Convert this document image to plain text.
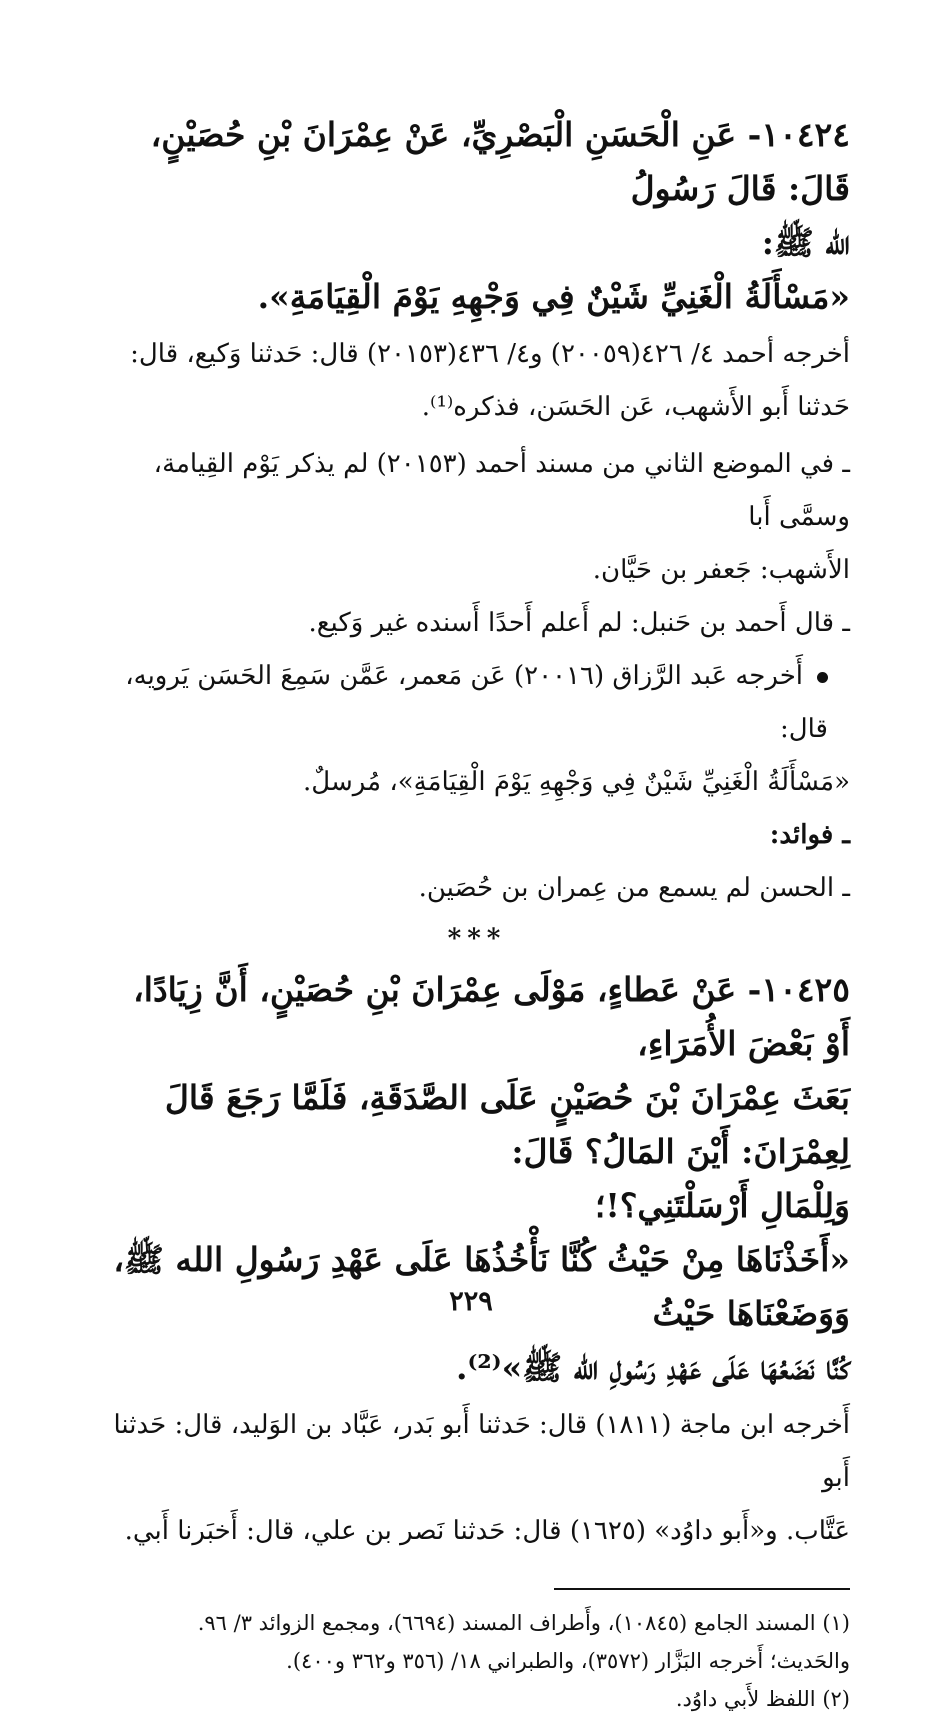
١٠٤٢٤- عَنِ الْحَسَنِ الْبَصْرِيِّ، عَنْ عِمْرَانَ بْنِ حُصَيْنٍ، قَالَ: قَالَ رَسُولُ
الله ﷺ:

«مَسْأَلَةُ الْغَنِيِّ شَيْنٌ فِي وَجْهِهِ يَوْمَ الْقِيَامَةِ».

أخرجه أحمد ٤/ ٤٢٦(٢٠٠٥٩) و٤/ ٤٣٦(٢٠١٥٣) قال: حَدثنا وَكيع، قال:
حَدثنا أَبو الأَشهب، عَن الحَسَن، فذكره⁽¹⁾.

ـ في الموضع الثاني من مسند أحمد (٢٠١٥٣) لم يذكر يَوْم القِيامة، وسمَّى أَبا
الأَشهب: جَعفر بن حَيَّان.

ـ قال أَحمد بن حَنبل: لم أَعلم أَحدًا أَسنده غير وَكيع.

أَخرجه عَبد الرَّزاق (٢٠٠١٦) عَن مَعمر، عَمَّن سَمِعَ الحَسَن يَرويه، قال:
«مَسْأَلَةُ الْغَنِيِّ شَيْنٌ فِي وَجْهِهِ يَوْمَ الْقِيَامَةِ»، مُرسلٌ.

ـ فوائد:

ـ الحسن لم يسمع من عِمران بن حُصَين.

***

١٠٤٢٥- عَنْ عَطاءٍ، مَوْلَى عِمْرَانَ بْنِ حُصَيْنٍ، أَنَّ زِيَادًا، أَوْ بَعْضَ الأُمَرَاءِ،
بَعَثَ عِمْرَانَ بْنَ حُصَيْنٍ عَلَى الصَّدَقَةِ، فَلَمَّا رَجَعَ قَالَ لِعِمْرَانَ: أَيْنَ المَالُ؟ قَالَ:
وَلِلْمَالِ أَرْسَلْتَنِي؟!؛

«أَخَذْنَاهَا مِنْ حَيْثُ كُنَّا نَأْخُذُهَا عَلَى عَهْدِ رَسُولِ الله ﷺ، وَوَضَعْنَاهَا حَيْثُ
كُنَّا نَضَعُهَا عَلَى عَهْدِ رَسُولِ الله ﷺ»⁽²⁾.

أَخرجه ابن ماجة (١٨١١) قال: حَدثنا أَبو بَدر، عَبَّاد بن الوَليد، قال: حَدثنا أَبو
عَتَّاب. و«أَبو داوُد» (١٦٢٥) قال: حَدثنا نَصر بن علي، قال: أَخبَرنا أَبي.

(١) المسند الجامع (١٠٨٤٥)، وأَطراف المسند (٦٦٩٤)، ومجمع الزوائد ٣/ ٩٦.

والحَديث؛ أَخرجه البَزَّار (٣٥٧٢)، والطبراني ١٨/ (٣٥٦ و٣٦٢ و٤٠٠).

(٢) اللفظ لأَبي داوُد.

٢٢٩
